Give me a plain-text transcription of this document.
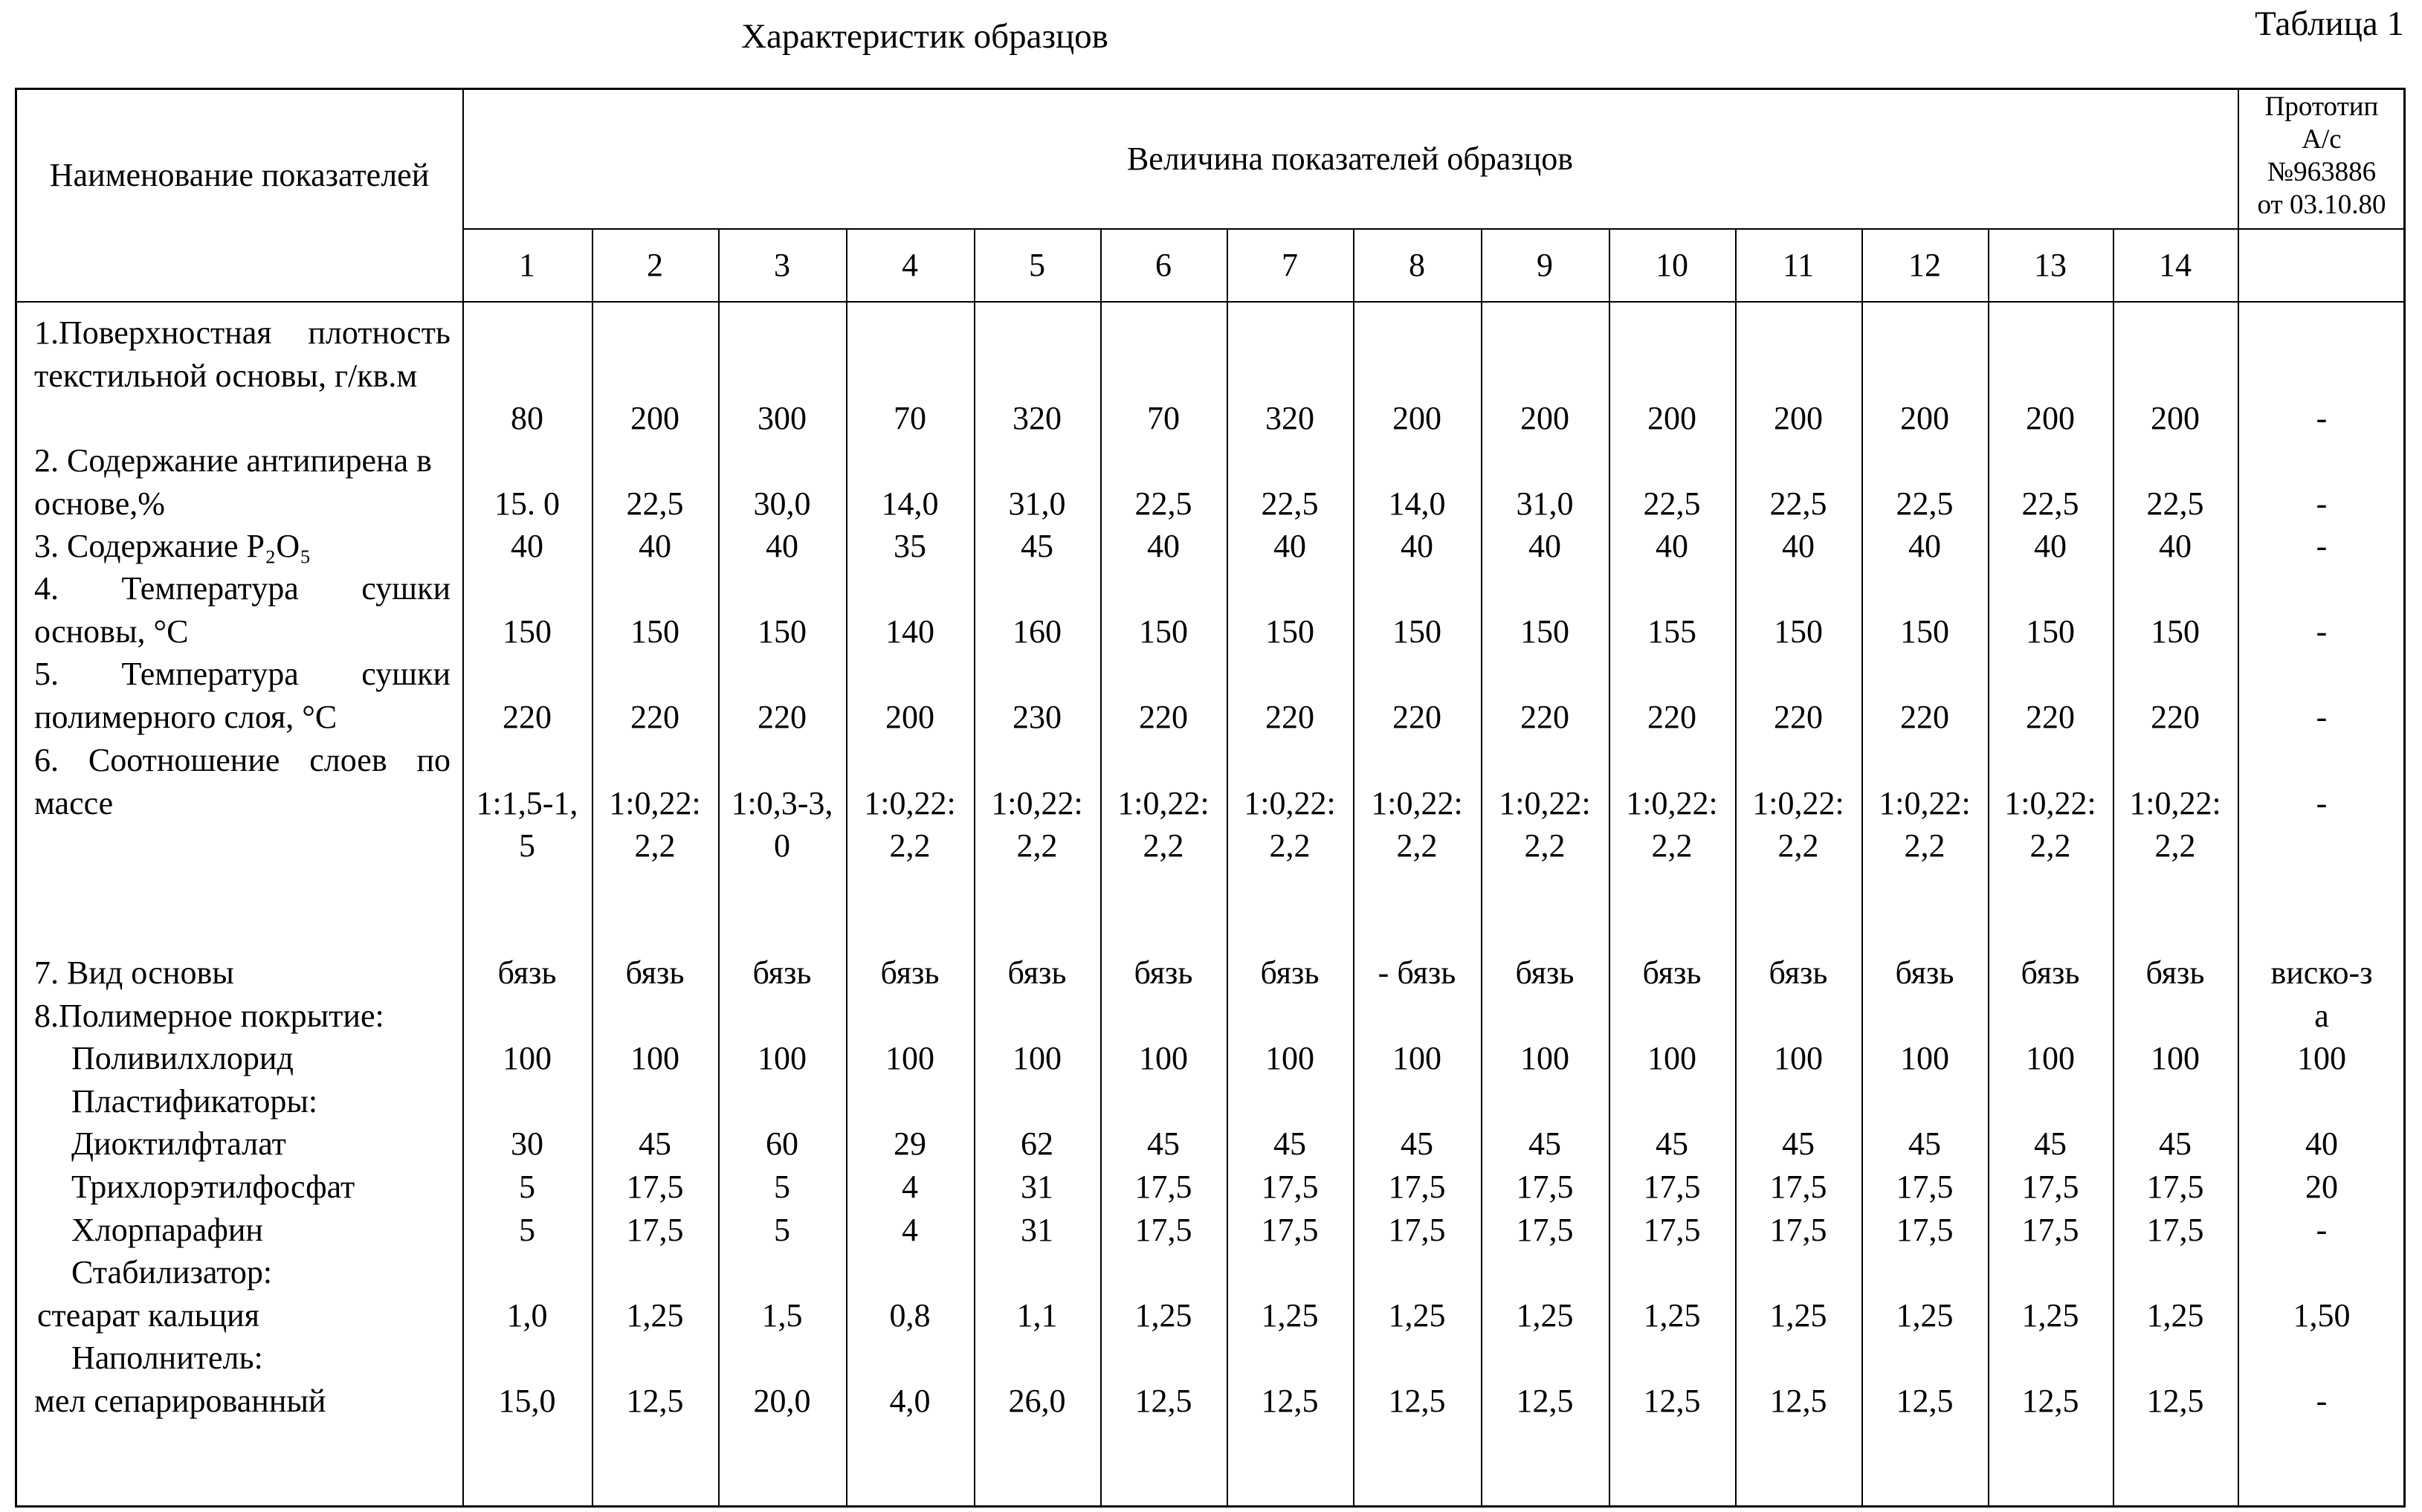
Характеристик образцов	Таблица 1
Наименование показателей	Величина показателей образцов
Прототип
А/с
№963886
от 03.10.80
1	2	3	4	5	6	7	8	9	10	11	12	13	14
1.Поверхностная плотность текстильной основы, г/кв.м
80	200	300	70	320	70	320	200	200	200	200	200	200	200	-
2. Содержание антипирена в основе,%	15. 0	22,5	30,0	14,0	31,0	22,5	22,5	14,0	31,0	22,5	22,5	22,5	22,5	22,5	-
3. Содержание P₂O₅	40	40	40	35	45	40	40	40	40	40	40	40	40	40	-
4. Температура сушки основы, °С	150	150	150	140	160	150	150	150	150	155	150	150	150	150	-
5. Температура сушки полимерного слоя, °С	220	220	220	200	230	220	220	220	220	220	220	220	220	220	-
6. Соотношение слоев по массе	1:1,5-1,5
1:0,22:2,2
1:0,3-3,0
1:0,22:2,2
1:0,22:2,2
1:0,22:2,2
1:0,22:2,2
1:0,22:2,2
1:0,22:2,2
1:0,22:2,2
1:0,22:2,2
1:0,22:2,2
1:0,22:2,2
1:0,22:2,2
-
7. Вид основы	бязь	бязь	бязь	бязь	бязь	бязь	бязь	- бязь	бязь	бязь	бязь	бязь	бязь	бязь	виско-за
8.Полимерное покрытие:
Поливилхлорид	100	100	100	100	100	100	100	100	100	100	100	100	100	100	100
Пластификаторы:
Диоктилфталат	30	45	60	29	62	45	45	45	45	45	45	45	45	45	40
Трихлорэтилфосфат	5	17,5	5	4	31	17,5	17,5	17,5	17,5	17,5	17,5	17,5	17,5	17,5	20
Хлорпарафин	5	17,5	5	4	31	17,5	17,5	17,5	17,5	17,5	17,5	17,5	17,5	17,5	-
Стабилизатор:
стеарат кальция	1,0	1,25	1,5	0,8	1,1	1,25	1,25	1,25	1,25	1,25	1,25	1,25	1,25	1,25	1,50
Наполнитель:
мел сепарированный	15,0	12,5	20,0	4,0	26,0	12,5	12,5	12,5	12,5	12,5	12,5	12,5	12,5	12,5	-
